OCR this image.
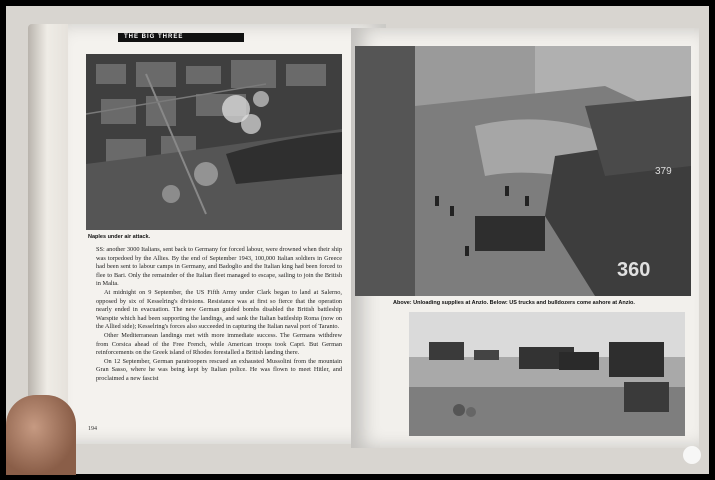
THE BIG THREE
Naples under air attack.

SS: another 3000 Italians, sent back to Germany for forced labour, were drowned when their ship was torpedoed by the Allies. By the end of September 1943, 100,000 Italian soldiers in Greece had been sent to labour camps in Germany, and Badoglio and the Italian king had been forced to flee to Bari. Only the remainder of the Italian fleet managed to escape, sailing to join the British in Malta.

At midnight on 9 September, the US Fifth Army under Clark began to land at Salerno, opposed by six of Kesselring's divisions. Resistance was at first so fierce that the operation nearly ended in evacuation. The new German guided bombs disabled the British battleship Warspite which had been supporting the landings, and sank the Italian battleship Roma (now on the Allied side); Kesselring's forces also succeeded in capturing the Italian naval port of Taranto.

Other Mediterranean landings met with more immediate success. The Germans withdrew from Corsica ahead of the Free French, while American troops took Capri. But German reinforcements on the Greek island of Rhodes forestalled a British landing there.

On 12 September, German paratroopers rescued an exhausted Mussolini from the mountain Gran Sasso, where he was being kept by Italian police. He was flown to meet Hitler, and proclaimed a new fascist

194
360
379
Above: Unloading supplies at Anzio. Below: US trucks and bulldozers come ashore at Anzio.
